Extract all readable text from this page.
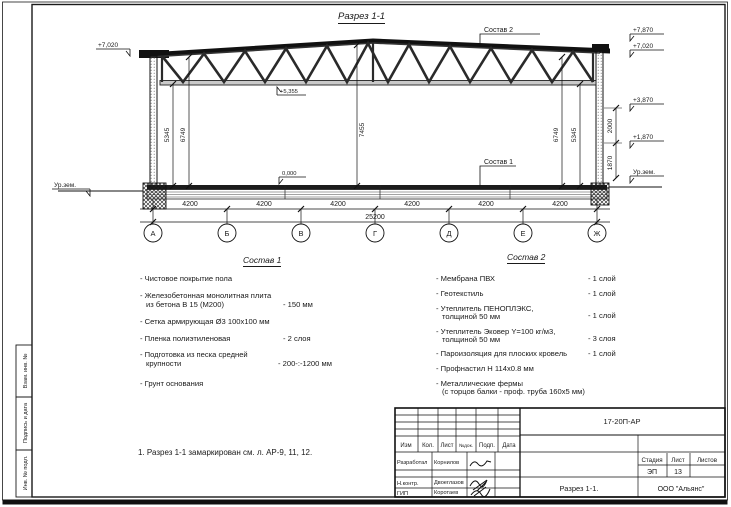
Взам. инв. №
Подпись и дата
Инв. № подл.
Состав 2
Состав 1
+7,020
Ур.зем.
+7,870
+7,020
+3,870
+1,870
Ур.зем.
+5,355
0,000
5345 6749	7455	6749 5345
2000
1870
4200	4200	4200	4200	4200	4200
25200
А	Б	В	Г	Д	Е	Ж
17-20П-АР
Изм Кол. Лист №док. Подп. Дата
Разработал Корнилов
Н.контр.	Двоеглазов
ГИП	Коротаев
Стадия Лист Листов
ЭП 13
Разрез 1-1.	ООО "Альянс"
Разрез 1-1
Состав 1	Состав 2
- Чистовое покрытие пола
- Железобетонная монолитная плита
из бетона В 15 (М200)	- 150 мм
- Сетка армирующая Ø3 100х100 мм
- Пленка полиэтиленовая	- 2 слоя
- Подготовка из песка средней
крупности	- 200-:-1200 мм
- Грунт основания
- Мембрана ПВХ	- 1 слой
- Геотекстиль	- 1 слой
- Утеплитель ПЕНОПЛЭКС,
толщиной 50 мм	- 1 слой
- Утеплитель Эковер Y=100 кг/м3,
толщиной 50 мм	- 3 слоя
- Пароизоляция для плоских кровель	- 1 слой
- Профнастил Н 114х0.8 мм
- Металлические фермы
(с торцов балки - проф. труба 160х5 мм)
1. Разрез 1-1 замаркирован см. л. АР-9, 11, 12.
